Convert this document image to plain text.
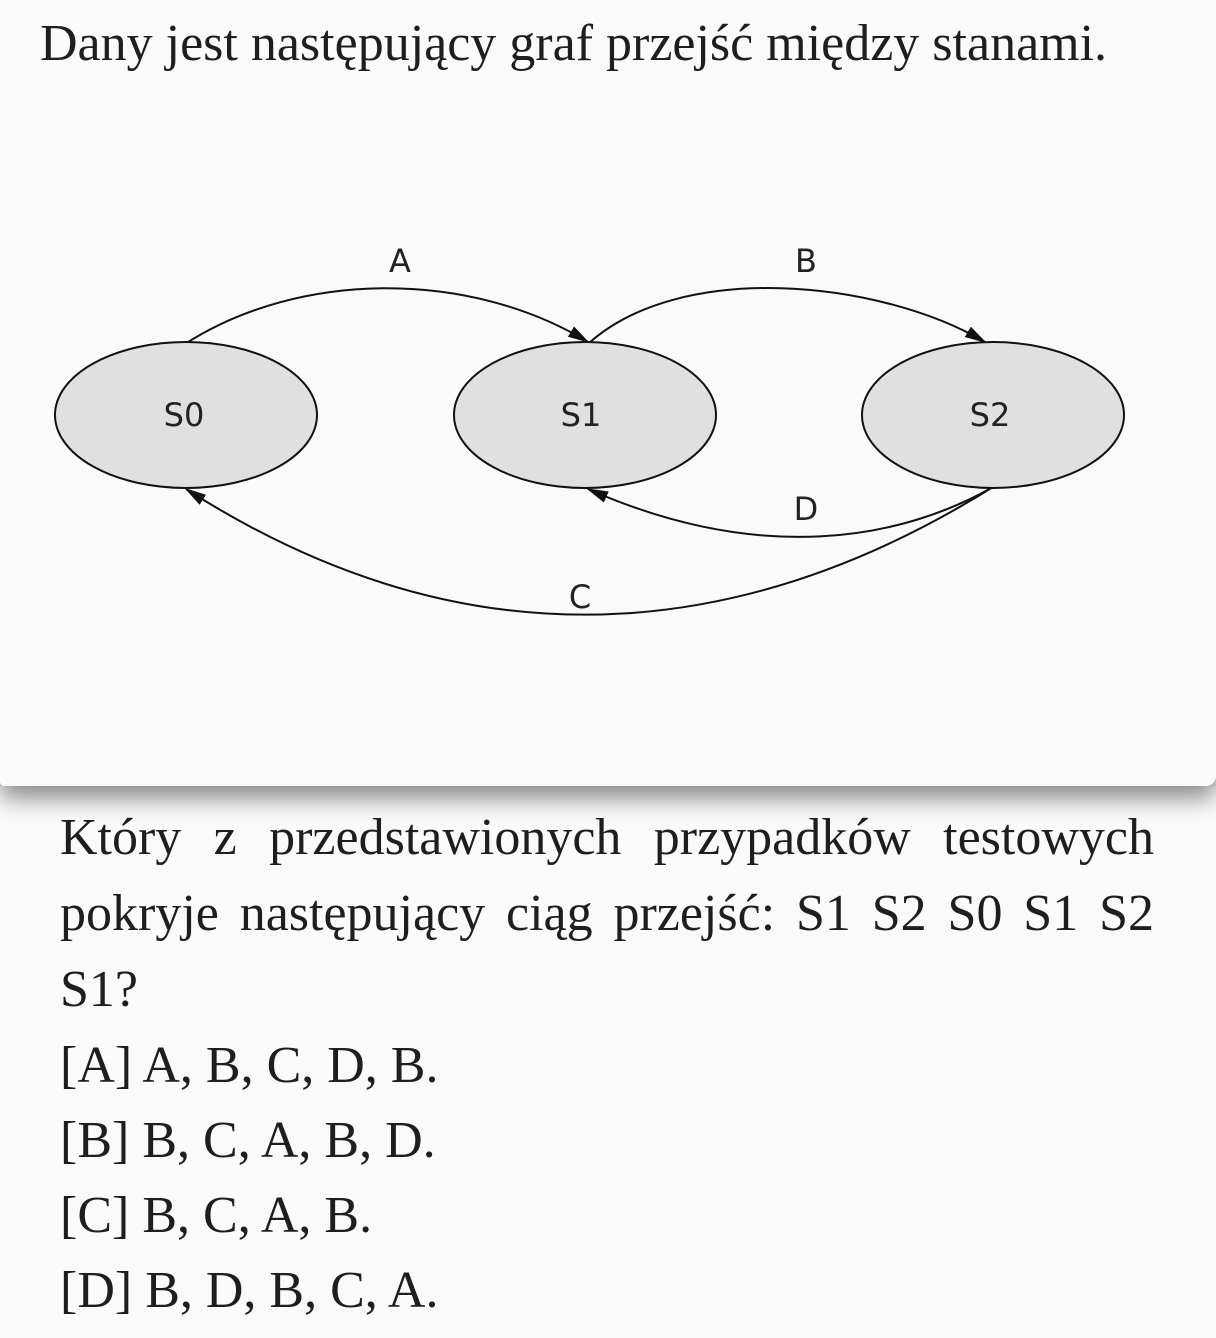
Dany jest następujący graf przejść między stanami.

A	B
D
C
S0	S1	S2

Który z przedstawionych przypadków testowych pokryje następujący ciąg przejść: S1 S2 S0 S1 S2 S1?

[A] A, B, C, D, B.
[B] B, C, A, B, D.
[C] B, C, A, B.
[D] B, D, B, C, A.
